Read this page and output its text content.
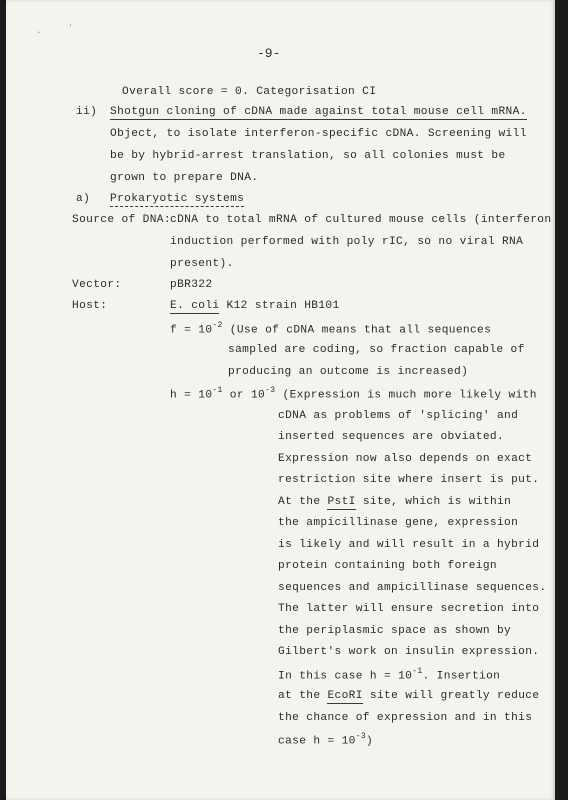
ˎ	ʿ
-9-
Overall score = 0. Categorisation CI
ii) Shotgun cloning of cDNA made against total mouse cell mRNA.
Object, to isolate interferon-specific cDNA. Screening will
be by hybrid-arrest translation, so all colonies must be
grown to prepare DNA.
a) Prokaryotic systems
Source of DNA: cDNA to total mRNA of cultured mouse cells (interferon
induction performed with poly rIC, so no viral RNA
present).
Vector:	pBR322
Host:	E. coli K12 strain HB101
$f = 10^{-2}$ (Use of cDNA means that all sequences
sampled are coding, so fraction capable of
producing an outcome is increased)
$h = 10^{-1}$ or $10^{-3}$ (Expression is much more likely with
cDNA as problems of 'splicing' and
inserted sequences are obviated.
Expression now also depends on exact
restriction site where insert is put.
At the PstI site, which is within
the ampicillinase gene, expression
is likely and will result in a hybrid
protein containing both foreign
sequences and ampicillinase sequences.
The latter will ensure secretion into
the periplasmic space as shown by
Gilbert's work on insulin expression.
In this case $h = 10^{-1}$. Insertion
at the EcoRI site will greatly reduce
the chance of expression and in this
case $h = 10^{-3}$)
